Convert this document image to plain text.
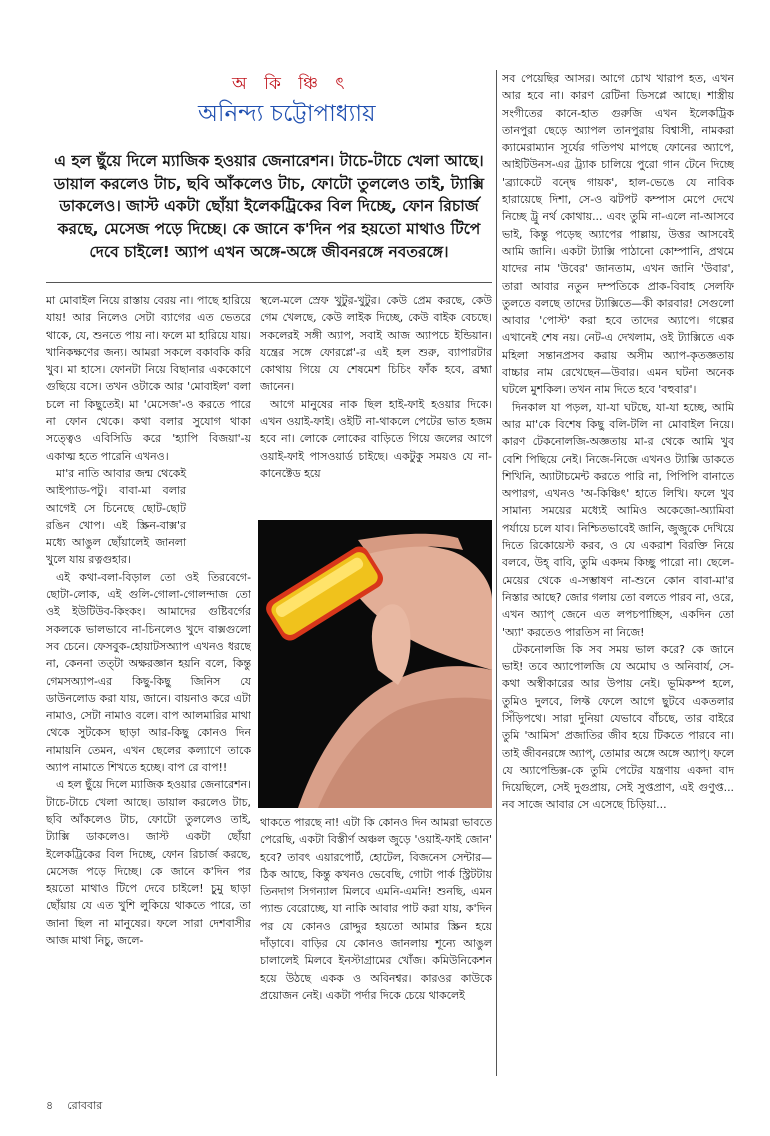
অ কি ঞ্চি ৎ
অনিন্দ্য চট্টোপাধ্যায়
এ হল ছুঁয়ে দিলে ম্যাজিক হওয়ার জেনারেশন। টাচে-টাচে খেলা আছে। ডায়াল করলেও টাচ, ছবি আঁকলেও টাচ, ফোটো তুললেও তাই, ট্যাক্সি ডাকলেও। জাস্ট একটা ছোঁয়া ইলেকট্রিকের বিল দিচ্ছে, ফোন রিচার্জ করছে, মেসেজ পড়ে দিচ্ছে। কে জানে ক'দিন পর হয়তো মাথাও টিপে দেবে চাইলে! অ্যাপ এখন অঙ্গে-অঙ্গে জীবনরঙ্গে নবতরঙ্গে।

মা মোবাইল নিয়ে রাস্তায় বেরয় না। পাছে হারিয়ে যায়! আর নিলেও সেটা ব্যাগের এত ভেতরে থাকে, যে, শুনতে পায় না। ফলে মা হারিয়ে যায়। খানিকক্ষণের জন্য। আমরা সকলে বকাবকি করি খুব। মা হাসে। ফোনটা নিয়ে বিছানার এককোণে গুছিয়ে বসে। তখন ওটাকে আর 'মোবাইল' বলা চলে না কিছুতেই। মা 'মেসেজ'-ও করতে পারে না ফোন থেকে। কথা বলার সুযোগ থাকা সত্ত্বেও এবিসিডি করে 'হ্যাপি বিজয়া'-য় একাত্ম হতে পারেনি এখনও।

মা'র নাতি আবার জন্ম থেকেই আইপ্যাড-পটু। বাবা-মা বলার আগেই সে চিনেছে ছোট-ছোট রঙিন খোপ। এই স্ক্রিন-বাক্স'র মধ্যে আঙুল ছোঁয়ালেই জানলা খুলে যায় রত্নগুহার।

এই কথা-বলা-বিড়াল তো ওই তিরবেগে-ছোটা-লোক, এই গুলি-গোলা-গোলন্দাজ তো ওই ইউটিউব-কিংকং। আমাদের গুষ্টিবর্গের সকলকে ভালভাবে না-চিনলেও খুদে বাক্সগুলো সব চেনে। ফেসবুক-হোয়াটসঅ্যাপ এখনও ধরছে না, কেননা তত্টা অক্ষরজ্ঞান হয়নি বলে, কিন্তু গেমসঅ্যাপ-এর কিছু-কিছু জিনিস যে ডাউনলোড করা যায়, জানে। বায়নাও করে এটা নামাও, সেটা নামাও বলে। বাপ আলমারির মাথা থেকে সুটকেস ছাড়া আর-কিছু কোনও দিন নামায়নি তেমন, এখন ছেলের কল্যাণে তাকে অ্যাপ নামাতে শিখতে হচ্ছে। বাপ রে বাপ!!

এ হল ছুঁয়ে দিলে ম্যাজিক হওয়ার জেনারেশন। টাচে-টাচে খেলা আছে। ডায়াল করলেও টাচ, ছবি আঁকলেও টাচ, ফোটো তুললেও তাই, ট্যাক্সি ডাকলেও। জাস্ট একটা ছোঁয়া ইলেকট্রিকের বিল দিচ্ছে, ফোন রিচার্জ করছে, মেসেজ পড়ে দিচ্ছে। কে জানে ক'দিন পর হয়তো মাথাও টিপে দেবে চাইলে! চুমু ছাড়া ছোঁয়ায় যে এত খুশি লুকিয়ে থাকতে পারে, তা জানা ছিল না মানুষের। ফলে সারা দেশবাসীর আজ মাথা নিচু, জলে-

স্থলে-মলে স্রেফ খুটুর-খুটুর। কেউ প্রেম করছে, কেউ গেম খেলছে, কেউ লাইক দিচ্ছে, কেউ বাইক বেচছে। সকলেরই সঙ্গী অ্যাপ, সবাই আজ অ্যাপচে ইন্ডিয়ান। যন্ত্রের সঙ্গে ফোরপ্লে'-র এই হল শুরু, ব্যাপারটার কোথায় গিয়ে যে শেষমেশ চিচিং ফাঁক হবে, ব্রহ্মা জানেন।

আগে মানুষের নাক ছিল হাই-ফাই হওয়ার দিকে। এখন ওয়াই-ফাই। ওইটি না-থাকলে পেটের ভাত হজম হবে না। লোকে লোকের বাড়িতে গিয়ে জলের আগে ওয়াই-ফাই পাসওয়ার্ড চাইছে। একটুকু সময়ও যে না-কানেক্টেড হয়ে

থাকতে পারছে না! এটা কি কোনও দিন আমরা ভাবতে পেরেছি, একটা বিস্তীর্ণ অঞ্চল জুড়ে 'ওয়াই-ফাই জোন' হবে? তাবৎ এয়ারপোর্ট, হোটেল, বিজনেস সেন্টার—ঠিক আছে, কিন্তু কখনও ভেবেছি, গোটা পার্ক স্ট্রিটটায় তিনদাগ সিগন্যাল মিলবে এমনি-এমনি! শুনছি, এমন প্যান্ড বেরোচ্ছে, যা নাকি আবার পাট করা যায়, ক'দিন পর যে কোনও রোদ্দুর হয়তো আমার স্ক্রিন হয়ে দাঁড়াবে। বাড়ির যে কোনও জানলায় শূন্যে আঙুল চালালেই মিলবে ইনস্টাগ্রামের খোঁজ। কমিউনিকেশন হয়ে উঠছে একক ও অবিনশ্বর। কারওর কাউকে প্রয়োজন নেই। একটা পর্দার দিকে চেয়ে থাকলেই

সব পেয়েছির আসর। আগে চোখ খারাপ হত, এখন আর হবে না। কারণ রেটিনা ডিসপ্লে আছে। শাস্ত্রীয় সংগীতের কানে-হাত গুরুজি এখন ইলেকট্রিক তানপুরা ছেড়ে অ্যাপল তানপুরায় বিশ্বাসী, নামকরা ক্যামেরাম্যান সূর্যের গতিপথ মাপছে ফোনের অ্যাপে, আইটিউনস-এর ট্র্যাক চালিয়ে পুরো গান টেনে দিচ্ছে 'ব্র্যাকেটে বন্দ্বে গায়ক', হাল-ভেঙে যে নাবিক হারায়েছে দিশা, সে-ও ঝটপট কম্পাস মেপে দেখে নিচ্ছে ট্রু নর্থ কোথায়... এবং তুমি না-এলে না-আসবে ভাই, কিন্তু পড়েছ অ্যাপের পাল্লায়, উত্তর আসবেই আমি জানি। একটা ট্যাক্সি পাঠানো কোম্পানি, প্রথমে যাদের নাম 'উবের' জানতাম, এখন জানি 'উবার', তারা আবার নতুন দম্পতিকে প্রাক-বিবাহ সেলফি তুলতে বলছে তাদের ট্যাক্সিতে—কী কারবার! সেগুলো আবার 'পোস্ট' করা হবে তাদের অ্যাপে। গল্পের এখানেই শেষ নয়। নেট-এ দেখলাম, ওই ট্যাক্সিতে এক মহিলা সন্তানপ্রসব করায় অসীম অ্যাপ-কৃতজ্ঞতায় বাচ্চার নাম রেখেছেন—উবার। এমন ঘটনা অনেক ঘটলে মুশকিল। তখন নাম দিতে হবে 'বহুবার'।

দিনকাল যা পড়ল, যা-যা ঘটছে, যা-যা হচ্ছে, আমি আর মা'কে বিশেষ কিছু বলি-টলি না মোবাইল নিয়ে। কারণ টেকনোলজি-অজ্ঞতায় মা-র থেকে আমি খুব বেশি পিছিয়ে নেই। নিজে-নিজে এখনও ট্যাক্সি ডাকতে শিখিনি, অ্যাটাচমেন্ট করতে পারি না, পিপিপি বানাতে অপারগ, এখনও 'অ-কিঞ্চিৎ' হাতে লিখি। ফলে খুব সামান্য সময়ের মধ্যেই আমিও অকেজো-অ্যামিবা পর্যায়ে চলে যাব। নিশ্চিতভাবেই জানি, জুজুকে দেখিয়ে দিতে রিকোয়েস্ট করব, ও যে একরাশ বিরক্তি নিয়ে বলবে, উহ্ বাবি, তুমি একদম কিচ্ছু পারো না। ছেলে-মেয়ের থেকে এ-সম্ভাষণ না-শুনে কোন বাবা-মা'র নিস্তার আছে? জোর গলায় তো বলতে পারব না, ওরে, এখন অ্যাপ্ জেনে এত লপচপাচ্ছিস, একদিন তো 'অ্যা' করতেও পারতিস না নিজে!

টেকনোলজি কি সব সময় ভাল করে? কে জানে ভাই! তবে অ্যাপোলজি যে অমোঘ ও অনিবার্য, সে-কথা অস্বীকারের আর উপায় নেই। ভূমিকম্প হলে, তুমিও দুলবে, লিফ্ট ফেলে আগে ছুটবে একতলার সিঁড়িপথে। সারা দুনিয়া যেভাবে বাঁচছে, তার বাইরে তুমি 'আমিস' প্রজাতির জীব হয়ে টিকতে পারবে না। তাই জীবনরঙ্গে অ্যাপ্, তোমার অঙ্গে অঙ্গে অ্যাপ্। ফলে যে অ্যাপেন্ডিক্স-কে তুমি পেটের যন্ত্রণায় একদা বাদ দিয়েছিলে, সেই দুগুপ্রায়, সেই সুপ্তপ্রাণ, এই গুণুপ্ত... নব সাজে আবার সে এসেছে চিড়িয়া...

৪ রোববার
